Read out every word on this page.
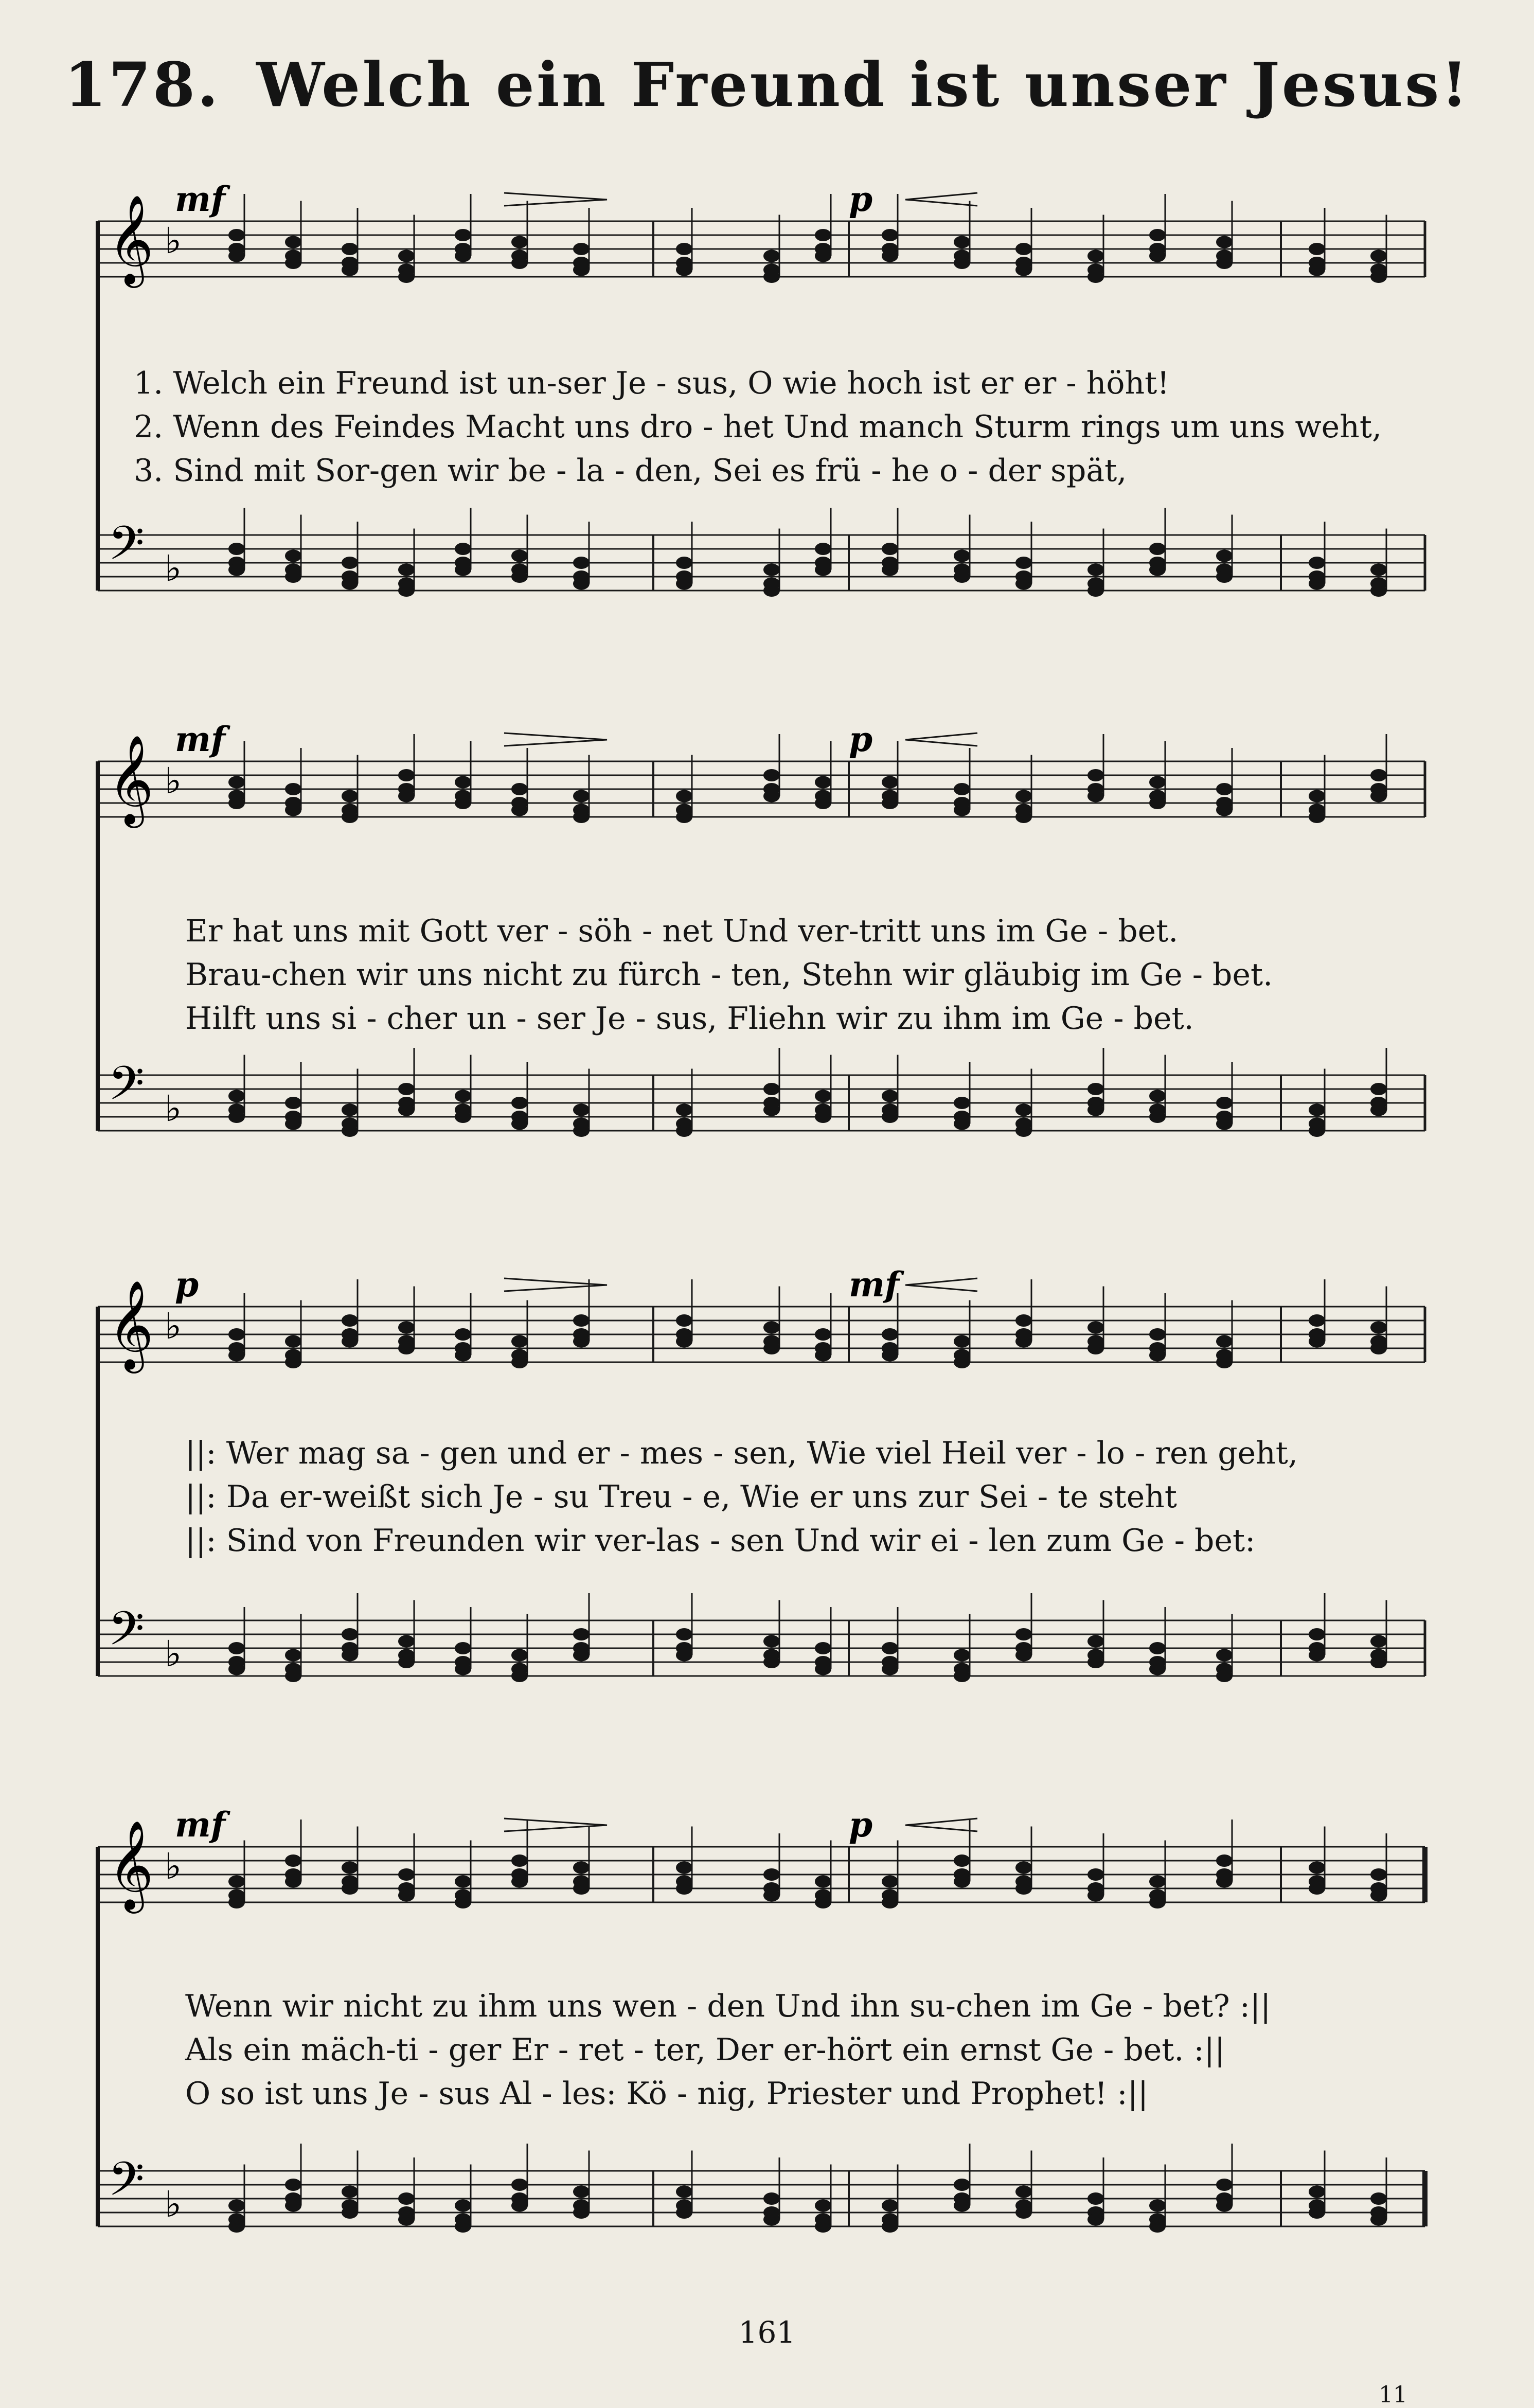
178. Welch ein Freund ist unser Jesus!
𝄞 ♭
𝄢 ♭
mf	p
1. Welch ein Freund ist un-ser Je - sus, O wie hoch ist er er - höht!
2. Wenn des Feindes Macht uns dro - het Und manch Sturm rings um uns weht,
3. Sind mit Sor-gen wir be - la - den, Sei es frü - he o - der spät,
𝄞 ♭
𝄢 ♭
mf	p
Er hat uns mit Gott ver - söh - net Und ver-tritt uns im Ge - bet.
Brau-chen wir uns nicht zu fürch - ten, Stehn wir gläubig im Ge - bet.
Hilft uns si - cher un - ser Je - sus, Fliehn wir zu ihm im Ge - bet.
𝄞 ♭
𝄢 ♭
p	mf
||: Wer mag sa - gen und er - mes - sen, Wie viel Heil ver - lo - ren geht,
||: Da er-weißt sich Je - su Treu - e, Wie er uns zur Sei - te steht
||: Sind von Freunden wir ver-las - sen Und wir ei - len zum Ge - bet:
𝄞 ♭
𝄢 ♭
mf	p
Wenn wir nicht zu ihm uns wen - den Und ihn su-chen im Ge - bet? :||
Als ein mäch-ti - ger Er - ret - ter, Der er-hört ein ernst Ge - bet. :||
O so ist uns Je - sus Al - les: Kö - nig, Priester und Prophet! :||
161
11
